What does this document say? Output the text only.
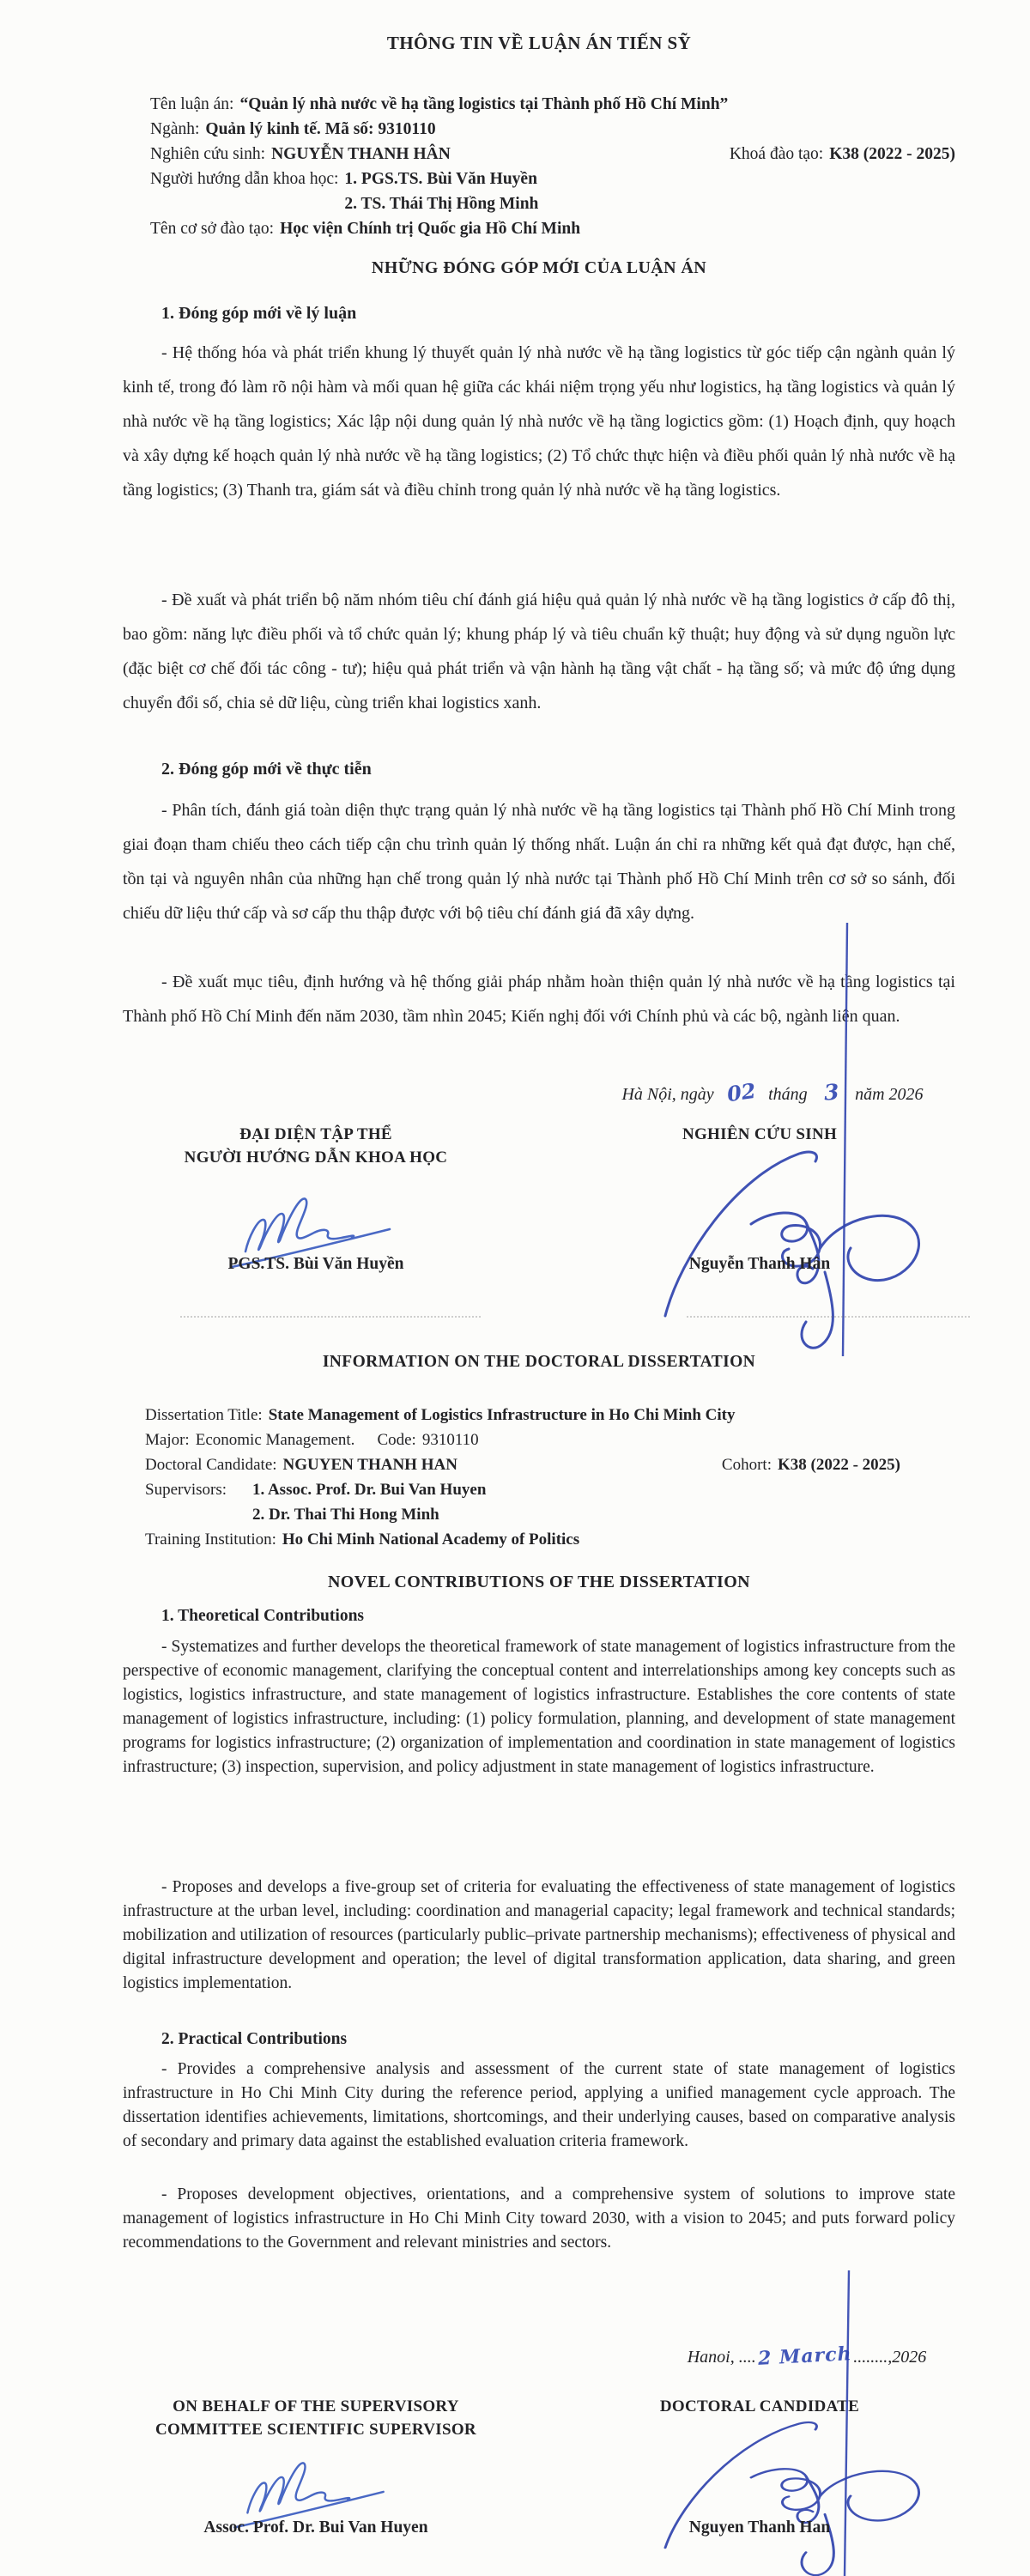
THÔNG TIN VỀ LUẬN ÁN TIẾN SỸ
Tên luận án: “Quản lý nhà nước về hạ tầng logistics tại Thành phố Hồ Chí Minh”
Ngành: Quản lý kinh tế. Mã số: 9310110
Nghiên cứu sinh: NGUYỄN THANH HÂN	Khoá đào tạo: K38 (2022 - 2025)
Người hướng dẫn khoa học: 1. PGS.TS. Bùi Văn Huyền
2. TS. Thái Thị Hồng Minh
Tên cơ sở đào tạo: Học viện Chính trị Quốc gia Hồ Chí Minh
NHỮNG ĐÓNG GÓP MỚI CỦA LUẬN ÁN
1. Đóng góp mới về lý luận
- Hệ thống hóa và phát triển khung lý thuyết quản lý nhà nước về hạ tầng logistics từ góc tiếp cận ngành quản lý kinh tế, trong đó làm rõ nội hàm và mối quan hệ giữa các khái niệm trọng yếu như logistics, hạ tầng logistics và quản lý nhà nước về hạ tầng logistics; Xác lập nội dung quản lý nhà nước về hạ tầng logictics gồm: (1) Hoạch định, quy hoạch và xây dựng kế hoạch quản lý nhà nước về hạ tầng logistics; (2) Tổ chức thực hiện và điều phối quản lý nhà nước về hạ tầng logistics; (3) Thanh tra, giám sát và điều chỉnh trong quản lý nhà nước về hạ tầng logistics.
- Đề xuất và phát triển bộ năm nhóm tiêu chí đánh giá hiệu quả quản lý nhà nước về hạ tầng logistics ở cấp đô thị, bao gồm: năng lực điều phối và tổ chức quản lý; khung pháp lý và tiêu chuẩn kỹ thuật; huy động và sử dụng nguồn lực (đặc biệt cơ chế đối tác công - tư); hiệu quả phát triển và vận hành hạ tầng vật chất - hạ tầng số; và mức độ ứng dụng chuyển đổi số, chia sẻ dữ liệu, cùng triển khai logistics xanh.
2. Đóng góp mới về thực tiễn
- Phân tích, đánh giá toàn diện thực trạng quản lý nhà nước về hạ tầng logistics tại Thành phố Hồ Chí Minh trong giai đoạn tham chiếu theo cách tiếp cận chu trình quản lý thống nhất. Luận án chỉ ra những kết quả đạt được, hạn chế, tồn tại và nguyên nhân của những hạn chế trong quản lý nhà nước tại Thành phố Hồ Chí Minh trên cơ sở so sánh, đối chiếu dữ liệu thứ cấp và sơ cấp thu thập được với bộ tiêu chí đánh giá đã xây dựng.
- Đề xuất mục tiêu, định hướng và hệ thống giải pháp nhằm hoàn thiện quản lý nhà nước về hạ tầng logistics tại Thành phố Hồ Chí Minh đến năm 2030, tầm nhìn 2045; Kiến nghị đối với Chính phủ và các bộ, ngành liên quan.
INFORMATION ON THE DOCTORAL DISSERTATION
Dissertation Title: State Management of Logistics Infrastructure in Ho Chi Minh City
Major: Economic Management. Code: 9310110
Doctoral Candidate: NGUYEN THANH HAN	Cohort: K38 (2022 - 2025)
Supervisors: 1. Assoc. Prof. Dr. Bui Van Huyen
2. Dr. Thai Thi Hong Minh
Training Institution: Ho Chi Minh National Academy of Politics
NOVEL CONTRIBUTIONS OF THE DISSERTATION
1. Theoretical Contributions
- Systematizes and further develops the theoretical framework of state management of logistics infrastructure from the perspective of economic management, clarifying the conceptual content and interrelationships among key concepts such as logistics, logistics infrastructure, and state management of logistics infrastructure. Establishes the core contents of state management of logistics infrastructure, including: (1) policy formulation, planning, and development of state management programs for logistics infrastructure; (2) organization of implementation and coordination in state management of logistics infrastructure; (3) inspection, supervision, and policy adjustment in state management of logistics infrastructure.
- Proposes and develops a five-group set of criteria for evaluating the effectiveness of state management of logistics infrastructure at the urban level, including: coordination and managerial capacity; legal framework and technical standards; mobilization and utilization of resources (particularly public–private partnership mechanisms); effectiveness of physical and digital infrastructure development and operation; the level of digital transformation application, data sharing, and green logistics implementation.
2. Practical Contributions
- Provides a comprehensive analysis and assessment of the current state of state management of logistics infrastructure in Ho Chi Minh City during the reference period, applying a unified management cycle approach. The dissertation identifies achievements, limitations, shortcomings, and their underlying causes, based on comparative analysis of secondary and primary data against the established evaluation criteria framework.
- Proposes development objectives, orientations, and a comprehensive system of solutions to improve state management of logistics infrastructure in Ho Chi Minh City toward 2030, with a vision to 2045; and puts forward policy recommendations to the Government and relevant ministries and sectors.
Hà Nội, ngày 02 tháng 3 năm 2026
ĐẠI DIỆN TẬP THỂ
NGƯỜI HƯỚNG DẪN KHOA HỌC
NGHIÊN CỨU SINH
PGS.TS. Bùi Văn Huyền	Nguyễn Thanh Hân
Hanoi, ....2 March........,2026
ON BEHALF OF THE SUPERVISORY
COMMITTEE SCIENTIFIC SUPERVISOR
DOCTORAL CANDIDATE
Assoc. Prof. Dr. Bui Van Huyen	Nguyen Thanh Han
